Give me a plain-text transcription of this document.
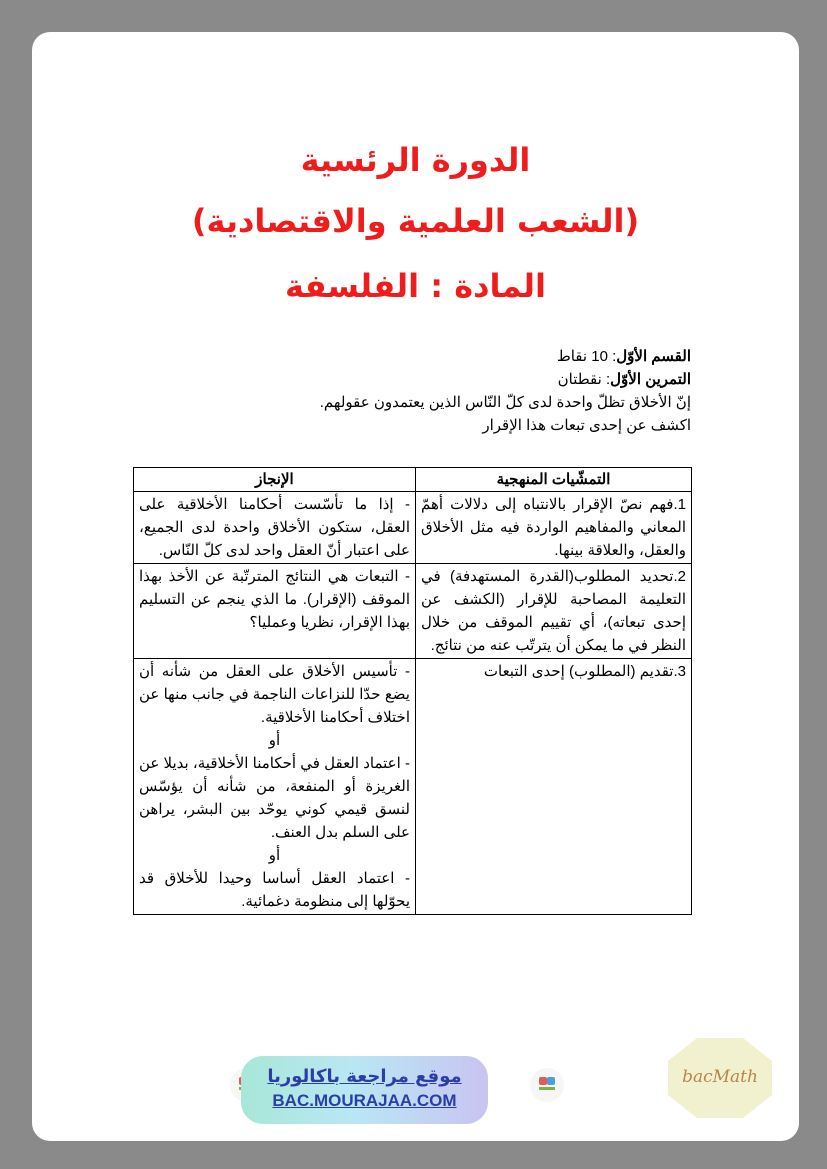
الدورة الرئسية
(الشعب العلمية والاقتصادية)
المادة : الفلسفة
القسم الأوّل: 10 نقاط
التمرين الأوّل: نقطتان
إنّ الأخلاق تظلّ واحدة لدى كلّ النّاس الذين يعتمدون عقولهم.
اكشف عن إحدى تبعات هذا الإقرار
التمشّيات المنهجية	الإنجاز
1.فهم نصّ الإقرار بالانتباه إلى دلالات أهمّ المعاني والمفاهيم الواردة فيه مثل الأخلاق والعقل، والعلاقة بينها.	- إذا ما تأسّست أحكامنا الأخلاقية على العقل، ستكون الأخلاق واحدة لدى الجميع، على اعتبار أنّ العقل واحد لدى كلّ النّاس.
2.تحديد المطلوب(القدرة المستهدفة) في التعليمة المصاحبة للإقرار (الكشف عن إحدى تبعاته)، أي تقييم الموقف من خلال النظر في ما يمكن أن يترتّب عنه من نتائج.	- التبعات هي النتائج المترتّبة عن الأخذ بهذا الموقف (الإقرار). ما الذي ينجم عن التسليم بهذا الإقرار، نظريا وعمليا؟
3.تقديم (المطلوب) إحدى التبعات	- تأسيس الأخلاق على العقل من شأنه أن يضع حدّا للنزاعات الناجمة في جانب منها عن اختلاف أحكامنا الأخلاقية.
أو
- اعتماد العقل في أحكامنا الأخلاقية، بديلا عن الغريزة أو المنفعة، من شأنه أن يؤسّس لنسق قيمي كوني يوحّد بين البشر، يراهن على السلم بدل العنف.
أو
- اعتماد العقل أساسا وحيدا للأخلاق قد يحوّلها إلى منظومة دغمائية.
موقع مراجعة باكالوريا
BAC.MOURAJAA.COM
bacMath
